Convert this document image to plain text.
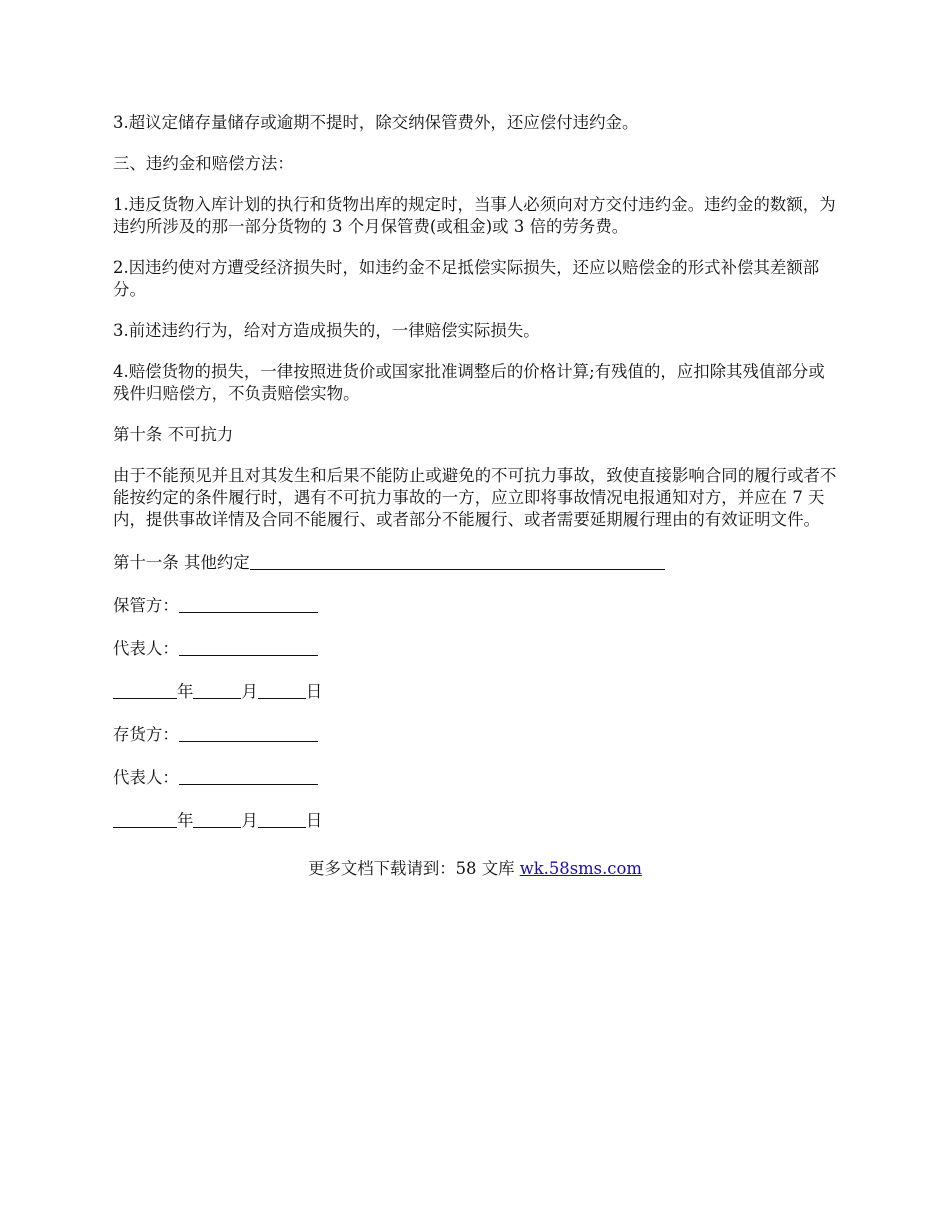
3.超议定储存量储存或逾期不提时，除交纳保管费外，还应偿付违约金。

三、违约金和赔偿方法：

1.违反货物入库计划的执行和货物出库的规定时，当事人必须向对方交付违约金。违约金的数额，为违约所涉及的那一部分货物的 3 个月保管费(或租金)或 3 倍的劳务费。

2.因违约使对方遭受经济损失时，如违约金不足抵偿实际损失，还应以赔偿金的形式补偿其差额部分。

3.前述违约行为，给对方造成损失的，一律赔偿实际损失。

4.赔偿货物的损失，一律按照进货价或国家批准调整后的价格计算;有残值的，应扣除其残值部分或残件归赔偿方，不负责赔偿实物。

第十条 不可抗力

由于不能预见并且对其发生和后果不能防止或避免的不可抗力事故，致使直接影响合同的履行或者不能按约定的条件履行时，遇有不可抗力事故的一方，应立即将事故情况电报通知对方，并应在 7 天内，提供事故详情及合同不能履行、或者部分不能履行、或者需要延期履行理由的有效证明文件。

第十一条 其他约定

保管方：

代表人：

年	月	日

存货方：

代表人：

年	月	日

更多文档下载请到：58 文库 wk.58sms.com
